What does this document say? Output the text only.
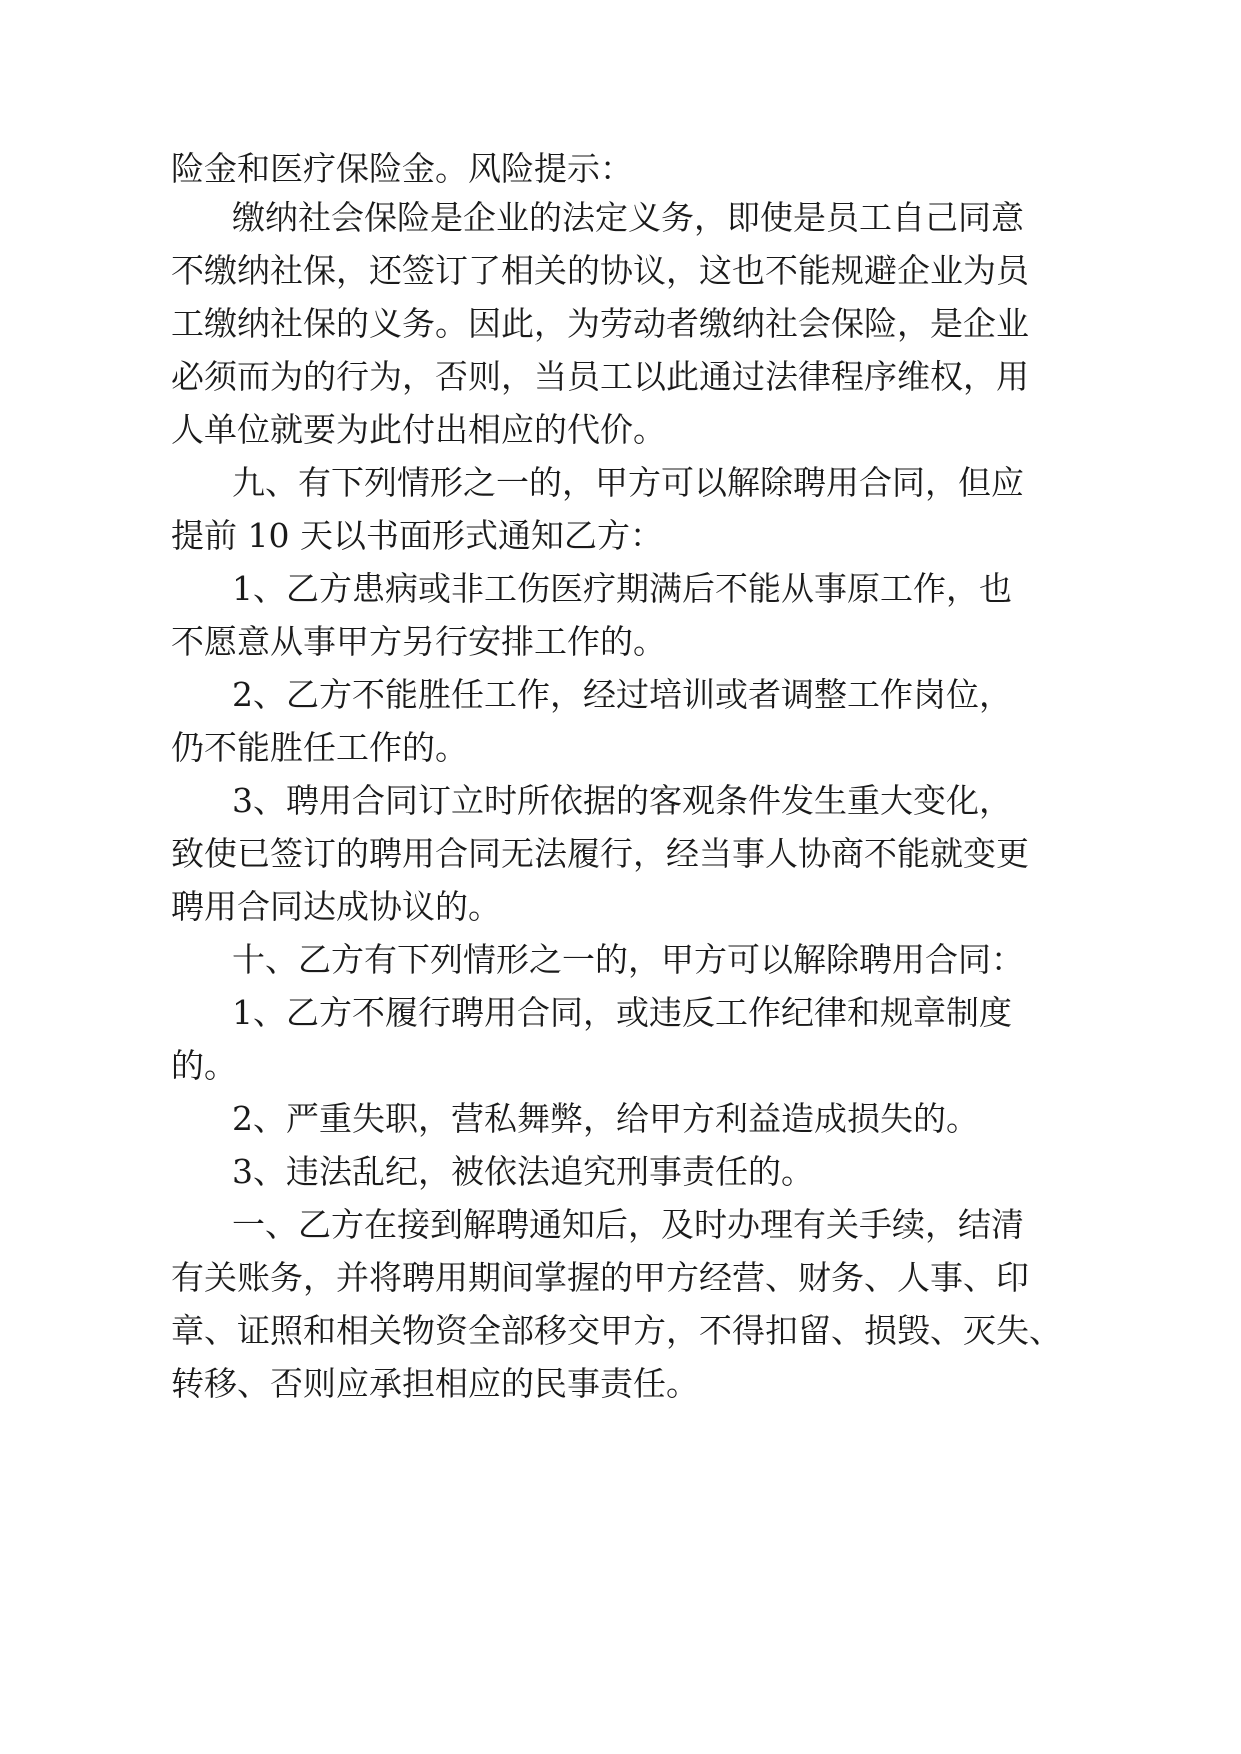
险金和医疗保险金。风险提示：
缴纳社会保险是企业的法定义务，即使是员工自己同意
不缴纳社保，还签订了相关的协议，这也不能规避企业为员
工缴纳社保的义务。因此，为劳动者缴纳社会保险，是企业
必须而为的行为，否则，当员工以此通过法律程序维权，用
人单位就要为此付出相应的代价。
九、有下列情形之一的，甲方可以解除聘用合同，但应
提前 10 天以书面形式通知乙方：
1、乙方患病或非工伤医疗期满后不能从事原工作，也
不愿意从事甲方另行安排工作的。
2、乙方不能胜任工作，经过培训或者调整工作岗位，
仍不能胜任工作的。
3、聘用合同订立时所依据的客观条件发生重大变化，
致使已签订的聘用合同无法履行，经当事人协商不能就变更
聘用合同达成协议的。
十、乙方有下列情形之一的，甲方可以解除聘用合同：
1、乙方不履行聘用合同，或违反工作纪律和规章制度
的。
2、严重失职，营私舞弊，给甲方利益造成损失的。
3、违法乱纪，被依法追究刑事责任的。
一、乙方在接到解聘通知后，及时办理有关手续，结清
有关账务，并将聘用期间掌握的甲方经营、财务、人事、印
章、证照和相关物资全部移交甲方，不得扣留、损毁、灭失、
转移、否则应承担相应的民事责任。
